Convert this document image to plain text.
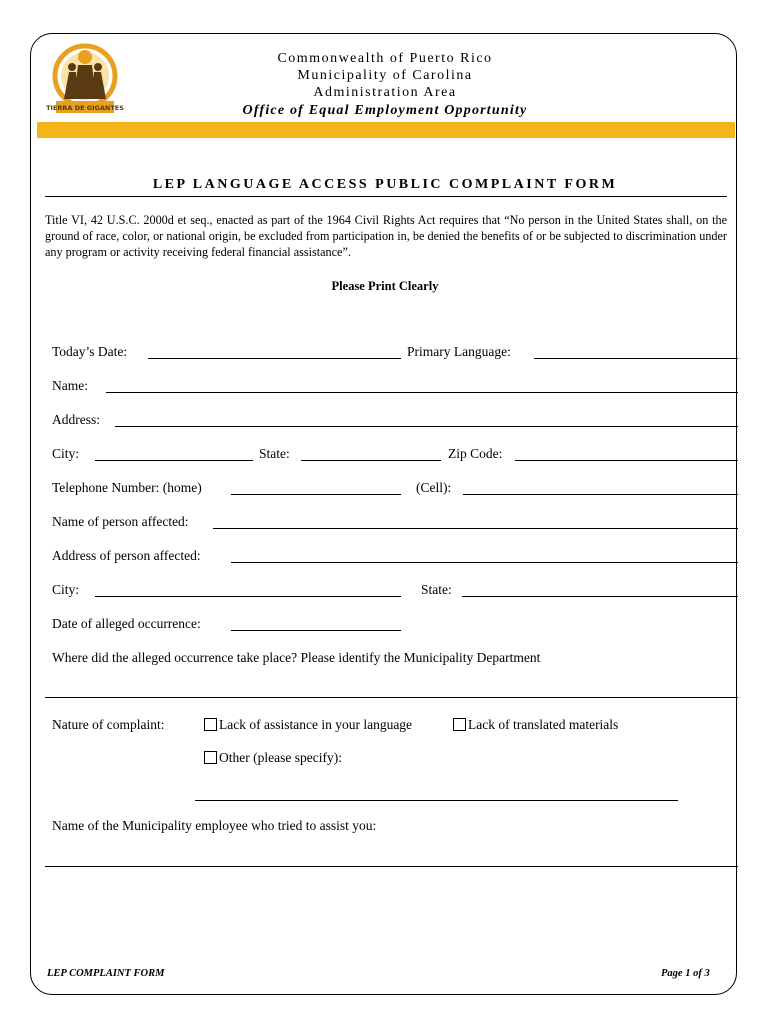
TIERRA DE GIGANTES
Commonwealth of Puerto Rico
Municipality of Carolina
Administration Area
Office of Equal Employment Opportunity
LEP LANGUAGE ACCESS PUBLIC COMPLAINT FORM
Title VI, 42 U.S.C. 2000d et seq., enacted as part of the 1964 Civil Rights Act requires that “No person in the United States shall, on the ground of race, color, or national origin, be excluded from participation in, be denied the benefits of or be subjected to discrimination under any program or activity receiving federal financial assistance”.
Please Print Clearly
Today’s Date:	Primary Language:
Name:
Address:
City:	State:	Zip Code:
Telephone Number: (home)	(Cell):
Name of person affected:
Address of person affected:
City:	State:
Date of alleged occurrence:
Where did the alleged occurrence take place? Please identify the Municipality Department
Nature of complaint:	Lack of assistance in your language	Lack of translated materials
Other (please specify):
Name of the Municipality employee who tried to assist you:
LEP COMPLAINT FORM	Page 1 of 3
